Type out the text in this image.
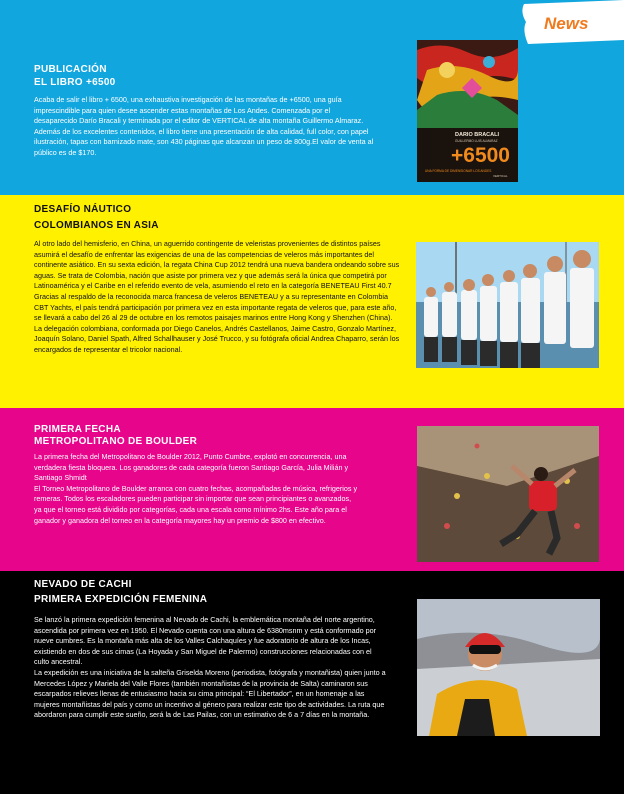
PUBLICACIÓN
EL LIBRO +6500
Acaba de salir el libro + 6500, una exhaustiva investigación de las montañas de +6500, una guía imprescindible para quien desee ascender estas montañas de Los Andes. Comenzada por el desaparecido Darío Bracali y terminada por el editor de VERTICAL de alta montaña Guillermo Almaraz. Además de los excelentes contenidos, el libro tiene una presentación de alta calidad, full color, con papel ilustración, tapas con barnizado mate, son 430 páginas que alcanzan un peso de 800g.El valor de venta al público es de $170.
DARIO BRACALI
GUILLERMO LUIS ALMARAZ
+6500
UNA FORMA DE DIMENSIONAR LOS ANDES
VERTICAL
News
DESAFÍO NÁUTICO
COLOMBIANOS EN ASIA
Al otro lado del hemisferio, en China, un aguerrido contingente de veleristas provenientes de distintos países asumirá el desafío de enfrentar las exigencias de una de las competencias de veleros más importantes del continente asiático. En su sexta edición, la regata China Cup 2012 tendrá una nueva bandera ondeando sobre sus aguas. Se trata de Colombia, nación que asiste por primera vez y que además será la única que competirá por Latinoamérica y el Caribe en el referido evento de vela, asumiendo el reto en la categoría BENETEAU First 40.7
Gracias al respaldo de la reconocida marca francesa de veleros BENETEAU y a su representante en Colombia CBT Yachts, el país tendrá participación por primera vez en esta importante regata de veleros que, para este año, se llevará a cabo del 26 al 29 de octubre en los remotos paisajes marinos entre Hong Kong y Shenzhen (China). La delegación colombiana, conformada por Diego Canelos, Andrés Castellanos, Jaime Castro, Gonzalo Martínez, Joaquín Solano, Daniel Spath, Alfred Schallhauser y José Trucco, y su fotógrafa oficial Andrea Chaparro, serán los encargados de representar el tricolor nacional.
PRIMERA FECHA
METROPOLITANO DE BOULDER
La primera fecha del Metropolitano de Boulder 2012, Punto Cumbre, explotó en concurrencia, una verdadera fiesta bloquera. Los ganadores de cada categoría fueron Santiago García, Julia Milián y Santiago Shmidt
El Torneo Metropolitano de Boulder arranca con cuatro fechas, acompañadas de música, refrigerios y remeras. Todos los escaladores pueden participar sin importar que sean principiantes o avanzados, ya que el torneo está dividido por categorías, cada una escala como mínimo 2hs. Este año para el ganador y ganadora del torneo en la categoría mayores hay un premio de $800 en efectivo.
NEVADO DE CACHI
PRIMERA EXPEDICIÓN FEMENINA
Se lanzó la primera expedición femenina al Nevado de Cachi, la emblemática montaña del norte argentino, ascendida por primera vez en 1950. El Nevado cuenta con una altura de 6380msnm y está conformado por nueve cumbres. Es la montaña más alta de los Valles Calchaquíes y fue adoratorio de altura de los Incas, existiendo en dos de sus cimas (La Hoyada y San Miguel de Palermo) construcciones relacionadas con el culto ancestral.
La expedición es una iniciativa de la salteña Griselda Moreno (periodista, fotógrafa y montañista) quien junto a Mercedes López y Mariela del Valle Flores (también montañistas de la provincia de Salta) caminaron sus escarpados relieves llenas de entusiasmo hacia su cima principal: “El Libertador”, en un homenaje a las mujeres montañistas del país y como un incentivo al género para realizar este tipo de actividades. La ruta que abordaron para cumplir este sueño, será la de Las Pailas, con un estimativo de 6 a 7 días en la montaña.
